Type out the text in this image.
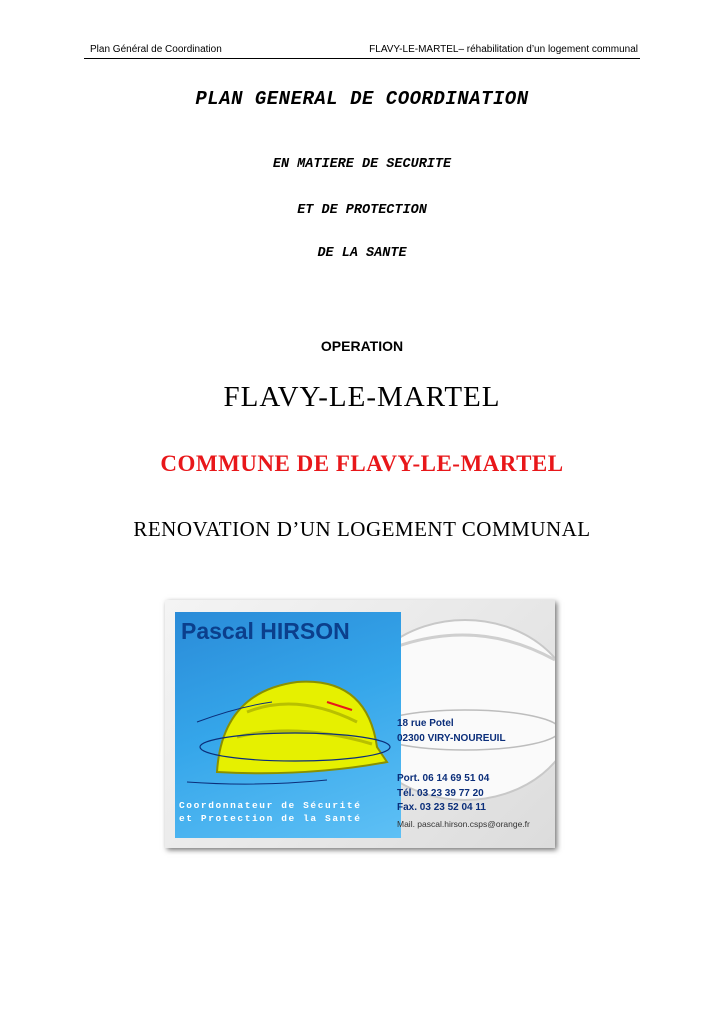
Plan Général de Coordination	FLAVY-LE-MARTEL– réhabilitation d’un logement communal
PLAN GENERAL DE COORDINATION
EN MATIERE DE SECURITE
ET DE PROTECTION
DE LA SANTE
OPERATION
FLAVY-LE-MARTEL
COMMUNE DE FLAVY-LE-MARTEL
RENOVATION D’UN LOGEMENT COMMUNAL
Pascal HIRSON
Coordonnateur de Sécurité
et Protection de la Santé
18 rue Potel
02300 VIRY-NOUREUIL
Port. 06 14 69 51 04
Tél. 03 23 39 77 20
Fax. 03 23 52 04 11
Mail. pascal.hirson.csps@orange.fr
